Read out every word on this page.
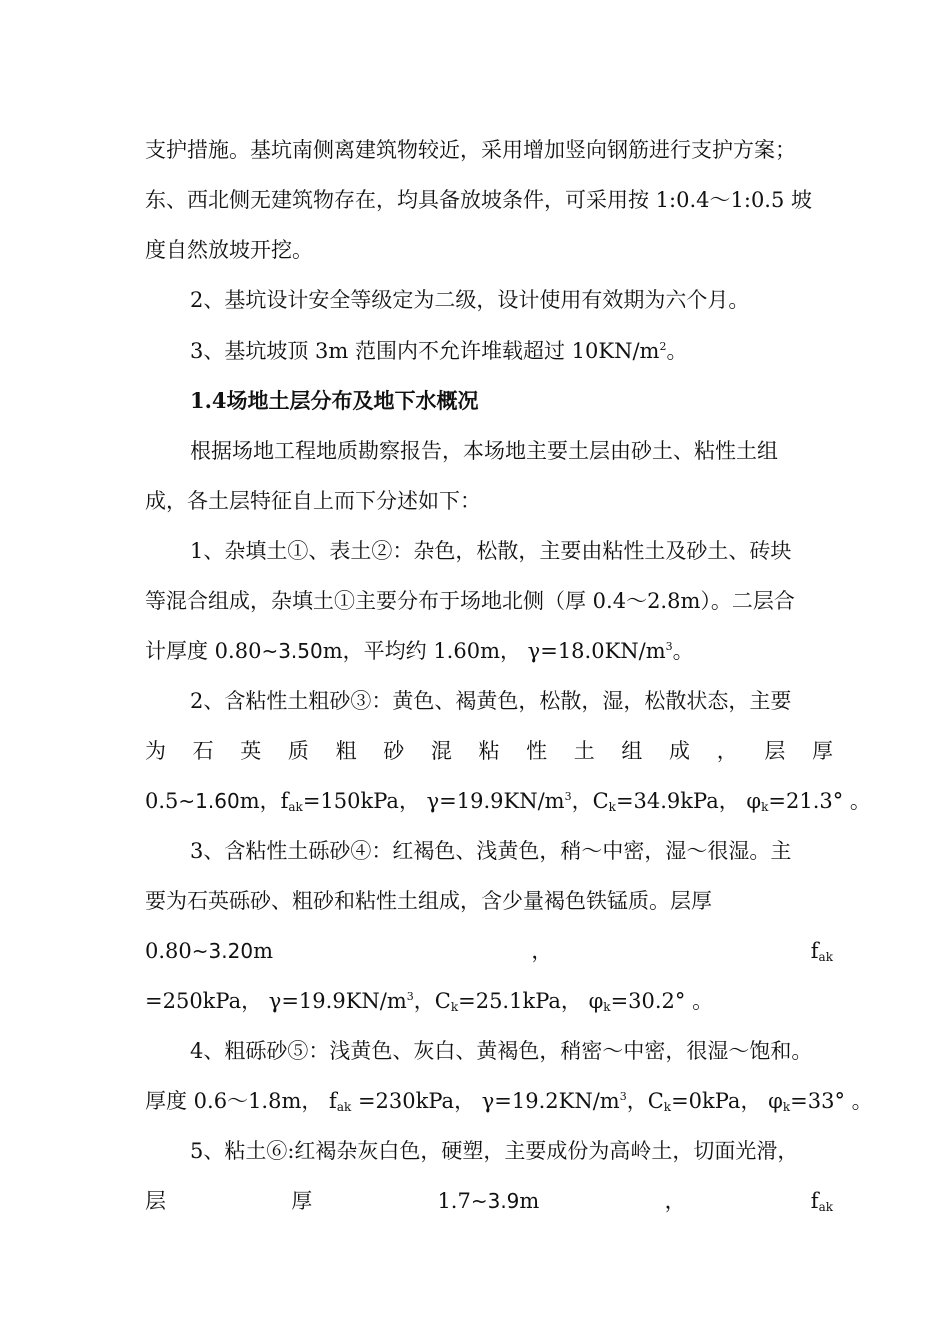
支护措施。基坑南侧离建筑物较近，采用增加竖向钢筋进行支护方案；
东、西北侧无建筑物存在，均具备放坡条件，可采用按 1:0.4～1:0.5 坡
度自然放坡开挖。
2、基坑设计安全等级定为二级，设计使用有效期为六个月。
3、基坑坡顶 3m 范围内不允许堆载超过 $10KN/m^2$。
1.4场地土层分布及地下水概况
根据场地工程地质勘察报告，本场地主要土层由砂土、粘性土组
成，各土层特征自上而下分述如下：
1、杂填土①、表土②：杂色，松散，主要由粘性土及砂土、砖块
等混合组成，杂填土①主要分布于场地北侧（厚 0.4～2.8m）。二层合
计厚度 0.80~3.50m，平均约 1.60m， $\gamma=18.0KN/m^3$。
2、含粘性土粗砂③：黄色、褐黄色，松散，湿，松散状态，主要
为 石 英 质 粗 砂 混 粘 性 土 组 成 ， 层 厚
0.5~1.60m，$f_{ak}=150kPa$， $\gamma=19.9KN/m^3$，$C_k=34.9kPa$， $\varphi_k=21.3^\circ$ 。
3、含粘性土砾砂④：红褐色、浅黄色，稍～中密，湿～很湿。主
要为石英砾砂、粗砂和粘性土组成，含少量褐色铁锰质。层厚
0.80~3.20m	，	$f_{ak}$
=250kPa， $\gamma=19.9KN/m^3$，$C_k=25.1kPa$， $\varphi_k=30.2^\circ$ 。
4、粗砾砂⑤：浅黄色、灰白、黄褐色，稍密～中密，很湿～饱和。
厚度 0.6～1.8m， $f_{ak} =230kPa$， $\gamma=19.2KN/m^3$，$C_k=0kPa$， $\varphi_k=33^\circ$ 。
5、粘土⑥:红褐杂灰白色，硬塑，主要成份为高岭土，切面光滑，
层	厚	1.7~3.9m	，	$f_{ak}$
